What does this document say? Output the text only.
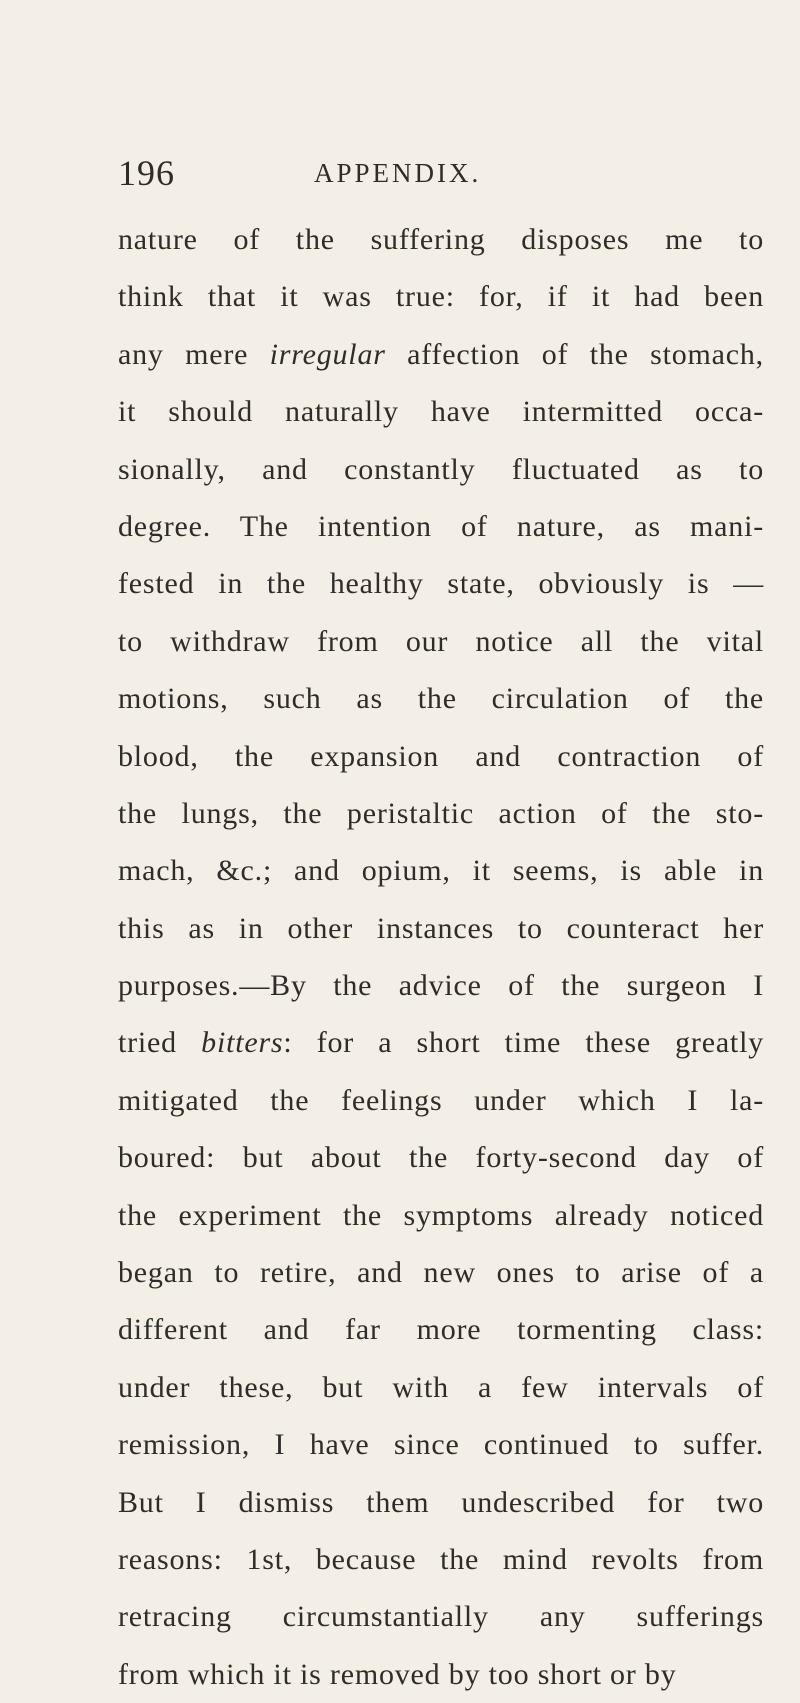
196	APPENDIX.
nature of the suffering disposes me to
think that it was true: for, if it had been
any mere irregular affection of the stomach,
it should naturally have intermitted occa-
sionally, and constantly fluctuated as to
degree. The intention of nature, as mani-
fested in the healthy state, obviously is —
to withdraw from our notice all the vital
motions, such as the circulation of the
blood, the expansion and contraction of
the lungs, the peristaltic action of the sto-
mach, &c.; and opium, it seems, is able in
this as in other instances to counteract her
purposes.—By the advice of the surgeon I
tried bitters: for a short time these greatly
mitigated the feelings under which I la-
boured: but about the forty-second day of
the experiment the symptoms already noticed
began to retire, and new ones to arise of a
different and far more tormenting class:
under these, but with a few intervals of
remission, I have since continued to suffer.
But I dismiss them undescribed for two
reasons: 1st, because the mind revolts from
retracing circumstantially any sufferings
from which it is removed by too short or by
